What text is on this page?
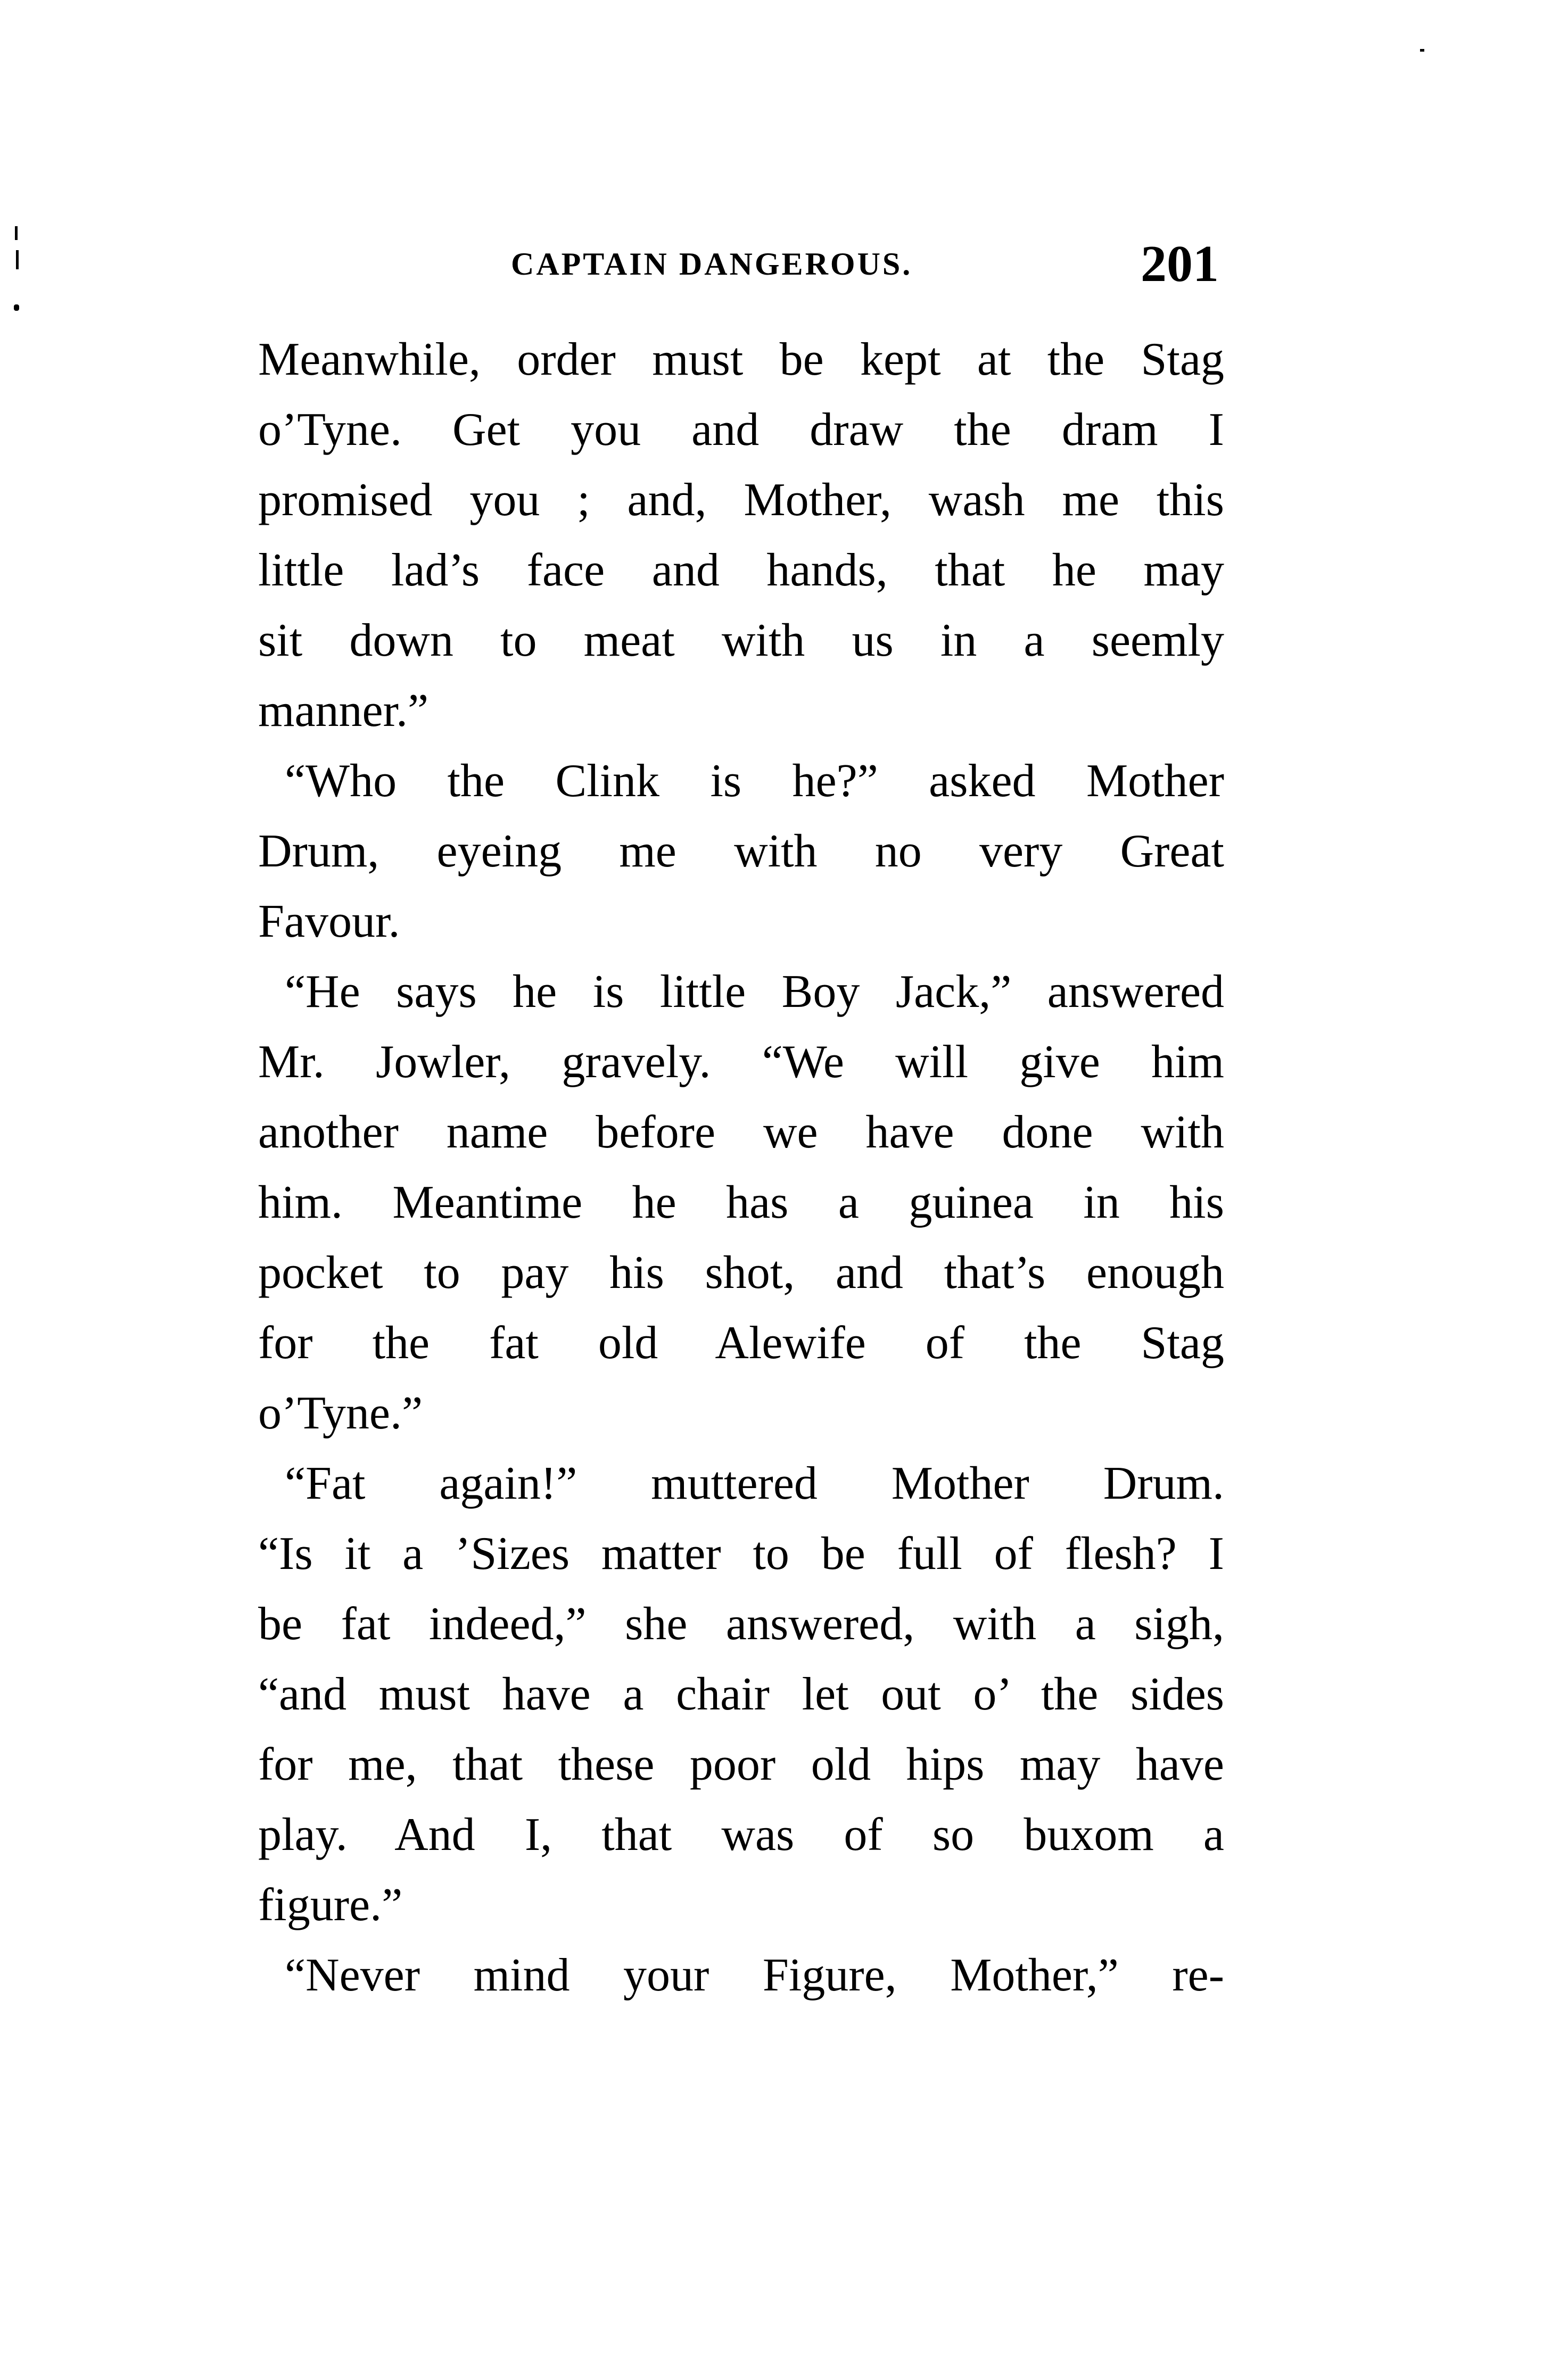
CAPTAIN DANGEROUS.	201
Meanwhile, order must be kept at the Stag
o’Tyne. Get you and draw the dram I
promised you ; and, Mother, wash me this
little lad’s face and hands, that he may
sit down to meat with us in a seemly
manner.”
“Who the Clink is he?” asked Mother
Drum, eyeing me with no very Great
Favour.
“He says he is little Boy Jack,” answered
Mr. Jowler, gravely. “We will give him
another name before we have done with
him. Meantime he has a guinea in his
pocket to pay his shot, and that’s enough
for the fat old Alewife of the Stag
o’Tyne.”
“Fat again!” muttered Mother Drum.
“Is it a ’Sizes matter to be full of flesh? I
be fat indeed,” she answered, with a sigh,
“and must have a chair let out o’ the sides
for me, that these poor old hips may have
play. And I, that was of so buxom a
figure.”
“Never mind your Figure, Mother,” re-
